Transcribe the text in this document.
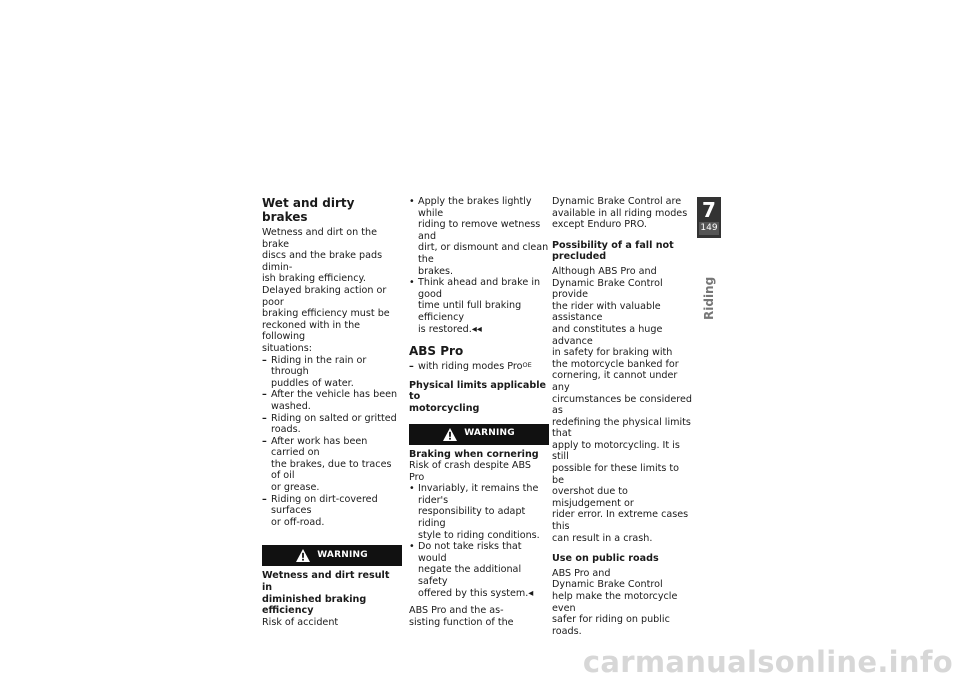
Wet and dirty brakes

Wetness and dirt on the brake
discs and the brake pads dimin-
ish braking efficiency.
Delayed braking action or poor
braking efficiency must be
reckoned with in the following
situations:

– Riding in the rain or through
puddles of water.

– After the vehicle has been
washed.

– Riding on salted or gritted
roads.

– After work has been carried on
the brakes, due to traces of oil
or grease.

– Riding on dirt-covered surfaces
or off-road.

WARNING

Wetness and dirt result in
diminished braking efficiency

Risk of accident

• Apply the brakes lightly while
riding to remove wetness and
dirt, or dismount and clean the
brakes.

• Think ahead and brake in good
time until full braking efficiency
is restored. ◂ ◂

ABS Pro

– with riding modes Pro$^{OE}$

Physical limits applicable to
motorcycling
WARNING

Braking when cornering

Risk of crash despite ABS Pro

• Invariably, it remains the rider's
responsibility to adapt riding
style to riding conditions.

• Do not take risks that would
negate the additional safety
offered by this system. ◂

ABS Pro and the as-
sisting function of the

Dynamic Brake Control are
available in all riding modes
except Enduro PRO.

Possibility of a fall not
precluded

Although ABS Pro and
Dynamic Brake Control provide
the rider with valuable assistance
and constitutes a huge advance
in safety for braking with
the motorcycle banked for
cornering, it cannot under any
circumstances be considered as
redefining the physical limits that
apply to motorcycling. It is still
possible for these limits to be
overshot due to misjudgement or
rider error. In extreme cases this
can result in a crash.

Use on public roads

ABS Pro and
Dynamic Brake Control
help make the motorcycle even
safer for riding on public roads.

7
149
Riding
carmanualsonline.info
